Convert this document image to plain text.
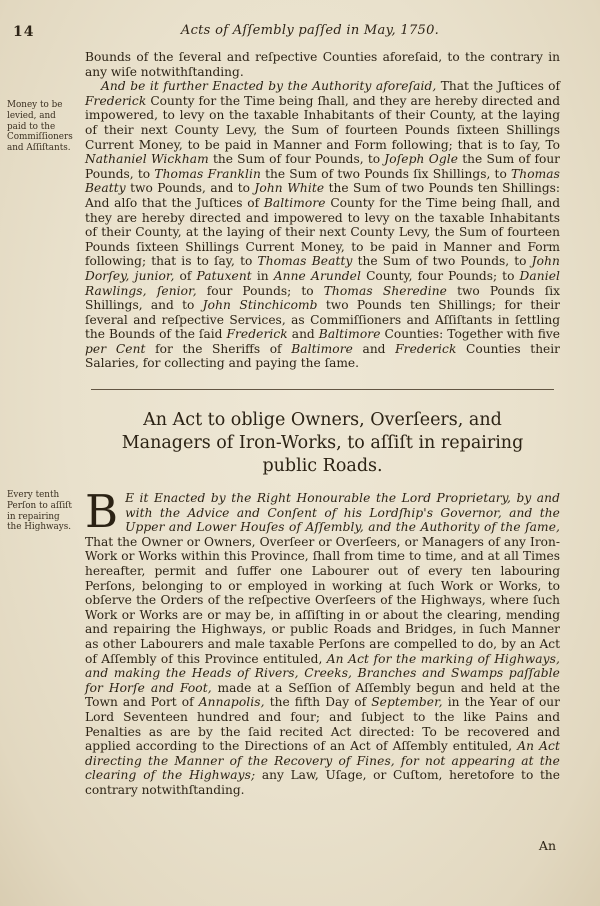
14	Acts of Aſſembly paſſed in May, 1750.
Money to be levied, and paid to the Commiſſioners and Aſſiſtants.
Every tenth Perſon to aſſiſt in repairing the Highways.

Bounds of the ſeveral and reſpective Counties aforeſaid, to the contrary in any wiſe notwithſtanding.

And be it further Enacted by the Authority aforeſaid, That the Juſtices of Frederick County for the Time being ſhall, and they are hereby directed and impowered, to levy on the taxable Inhabitants of their County, at the laying of their next County Levy, the Sum of fourteen Pounds ſixteen Shillings Current Money, to be paid in Manner and Form following; that is to ſay, To Nathaniel Wickham the Sum of four Pounds, to Joſeph Ogle the Sum of four Pounds, to Thomas Franklin the Sum of two Pounds ſix Shillings, to Thomas Beatty two Pounds, and to John White the Sum of two Pounds ten Shillings: And alſo that the Juſtices of Baltimore County for the Time being ſhall, and they are hereby directed and impowered to levy on the taxable Inhabitants of their County, at the laying of their next County Levy, the Sum of fourteen Pounds ſixteen Shillings Current Money, to be paid in Manner and Form following; that is to ſay, to Thomas Beatty the Sum of two Pounds, to John Dorſey, junior, of Patuxent in Anne Arundel County, four Pounds; to Daniel Rawlings, ſenior, four Pounds; to Thomas Sheredine two Pounds ſix Shillings, and to John Stinchicomb two Pounds ten Shillings; for their ſeveral and reſpective Services, as Commiſſioners and Aſſiſtants in ſettling the Bounds of the ſaid Frederick and Baltimore Counties: Together with five per Cent for the Sheriffs of Baltimore and Frederick Counties their Salaries, for collecting and paying the ſame.

An Act to oblige Owners, Overſeers, and Managers of Iron-Works, to aſſiſt in repairing public Roads.

B E it Enacted by the Right Honourable the Lord Proprietary, by and with the Advice and Conſent of his Lordſhip's Governor, and the Upper and Lower Houſes of Aſſembly, and the Authority of the ſame, That the Owner or Owners, Overſeer or Overſeers, or Managers of any Iron-Work or Works within this Province, ſhall from time to time, and at all Times hereafter, permit and ſuffer one Labourer out of every ten labouring Perſons, belonging to or employed in working at ſuch Work or Works, to obſerve the Orders of the reſpective Overſeers of the Highways, where ſuch Work or Works are or may be, in aſſiſting in or about the clearing, mending and repairing the Highways, or public Roads and Bridges, in ſuch Manner as other Labourers and male taxable Perſons are compelled to do, by an Act of Aſſembly of this Province entituled, An Act for the marking of Highways, and making the Heads of Rivers, Creeks, Branches and Swamps paſſable for Horſe and Foot, made at a Seſſion of Aſſembly begun and held at the Town and Port of Annapolis, the fifth Day of September, in the Year of our Lord Seventeen hundred and four; and ſubject to the like Pains and Penalties as are by the ſaid recited Act directed: To be recovered and applied according to the Directions of an Act of Aſſembly entituled, An Act directing the Manner of the Recovery of Fines, for not appearing at the clearing of the Highways; any Law, Uſage, or Cuſtom, heretofore to the contrary notwithſtanding.

An
